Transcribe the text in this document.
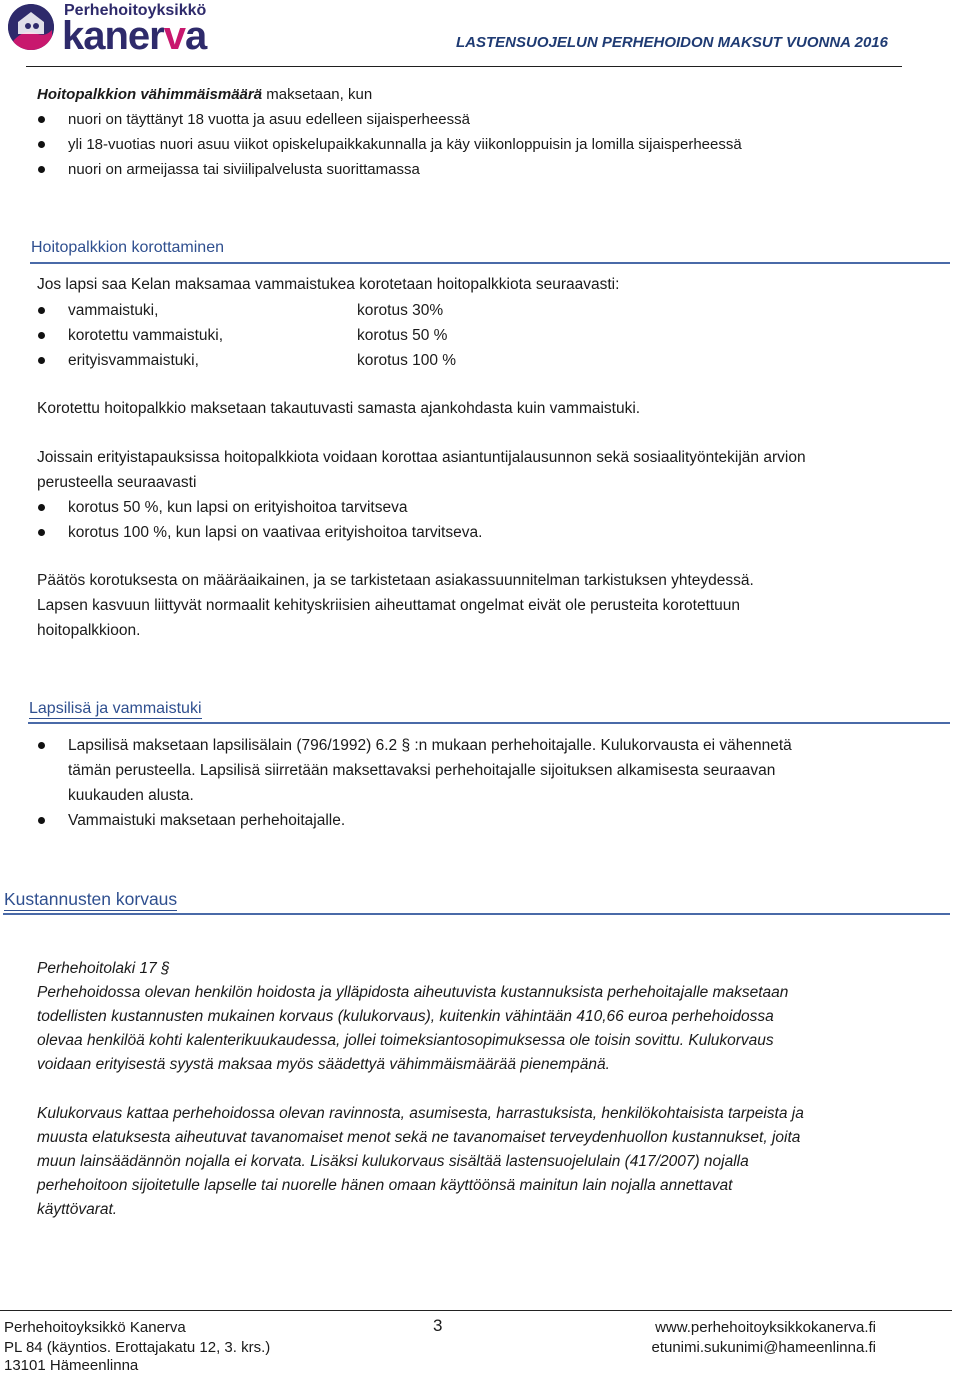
Perhehoitoyksikkö
kanerva	LASTENSUOJELUN PERHEHOIDON MAKSUT VUONNA 2016
Hoitopalkkion vähimmäismäärä maksetaan, kun
nuori on täyttänyt 18 vuotta ja asuu edelleen sijaisperheessä
yli 18-vuotias nuori asuu viikot opiskelupaikkakunnalla ja käy viikonloppuisin ja lomilla sijaisperheessä
nuori on armeijassa tai siviilipalvelusta suorittamassa
Hoitopalkkion korottaminen
Jos lapsi saa Kelan maksamaa vammaistukea korotetaan hoitopalkkiota seuraavasti:
vammaistuki,	korotus 30%
korotettu vammaistuki,	korotus 50 %
erityisvammaistuki,	korotus 100 %
Korotettu hoitopalkkio maksetaan takautuvasti samasta ajankohdasta kuin vammaistuki.
Joissain erityistapauksissa hoitopalkkiota voidaan korottaa asiantuntijalausunnon sekä sosiaalityöntekijän arvion
perusteella seuraavasti
korotus 50 %, kun lapsi on erityishoitoa tarvitseva
korotus 100 %, kun lapsi on vaativaa erityishoitoa tarvitseva.
Päätös korotuksesta on määräaikainen, ja se tarkistetaan asiakassuunnitelman tarkistuksen yhteydessä.
Lapsen kasvuun liittyvät normaalit kehityskriisien aiheuttamat ongelmat eivät ole perusteita korotettuun
hoitopalkkioon.
Lapsilisä ja vammaistuki
Lapsilisä maksetaan lapsilisälain (796/1992) 6.2 § :n mukaan perhehoitajalle. Kulukorvausta ei vähennetä
tämän perusteella. Lapsilisä siirretään maksettavaksi perhehoitajalle sijoituksen alkamisesta seuraavan
kuukauden alusta.
Vammaistuki maksetaan perhehoitajalle.
Kustannusten korvaus
Perhehoitolaki 17 §
Perhehoidossa olevan henkilön hoidosta ja ylläpidosta aiheutuvista kustannuksista perhehoitajalle maksetaan
todellisten kustannusten mukainen korvaus (kulukorvaus), kuitenkin vähintään 410,66 euroa perhehoidossa
olevaa henkilöä kohti kalenterikuukaudessa, jollei toimeksiantosopimuksessa ole toisin sovittu. Kulukorvaus
voidaan erityisestä syystä maksaa myös säädettyä vähimmäismäärää pienempänä.
Kulukorvaus kattaa perhehoidossa olevan ravinnosta, asumisesta, harrastuksista, henkilökohtaisista tarpeista ja
muusta elatuksesta aiheutuvat tavanomaiset menot sekä ne tavanomaiset terveydenhuollon kustannukset, joita
muun lainsäädännön nojalla ei korvata. Lisäksi kulukorvaus sisältää lastensuojelulain (417/2007) nojalla
perhehoitoon sijoitetulle lapselle tai nuorelle hänen omaan käyttöönsä mainitun lain nojalla annettavat
käyttövarat.
Perhehoitoyksikkö Kanerva
PL 84 (käyntios. Erottajakatu 12, 3. krs.)
13101 Hämeenlinna
3	www.perhehoitoyksikkokanerva.fi
etunimi.sukunimi@hameenlinna.fi
